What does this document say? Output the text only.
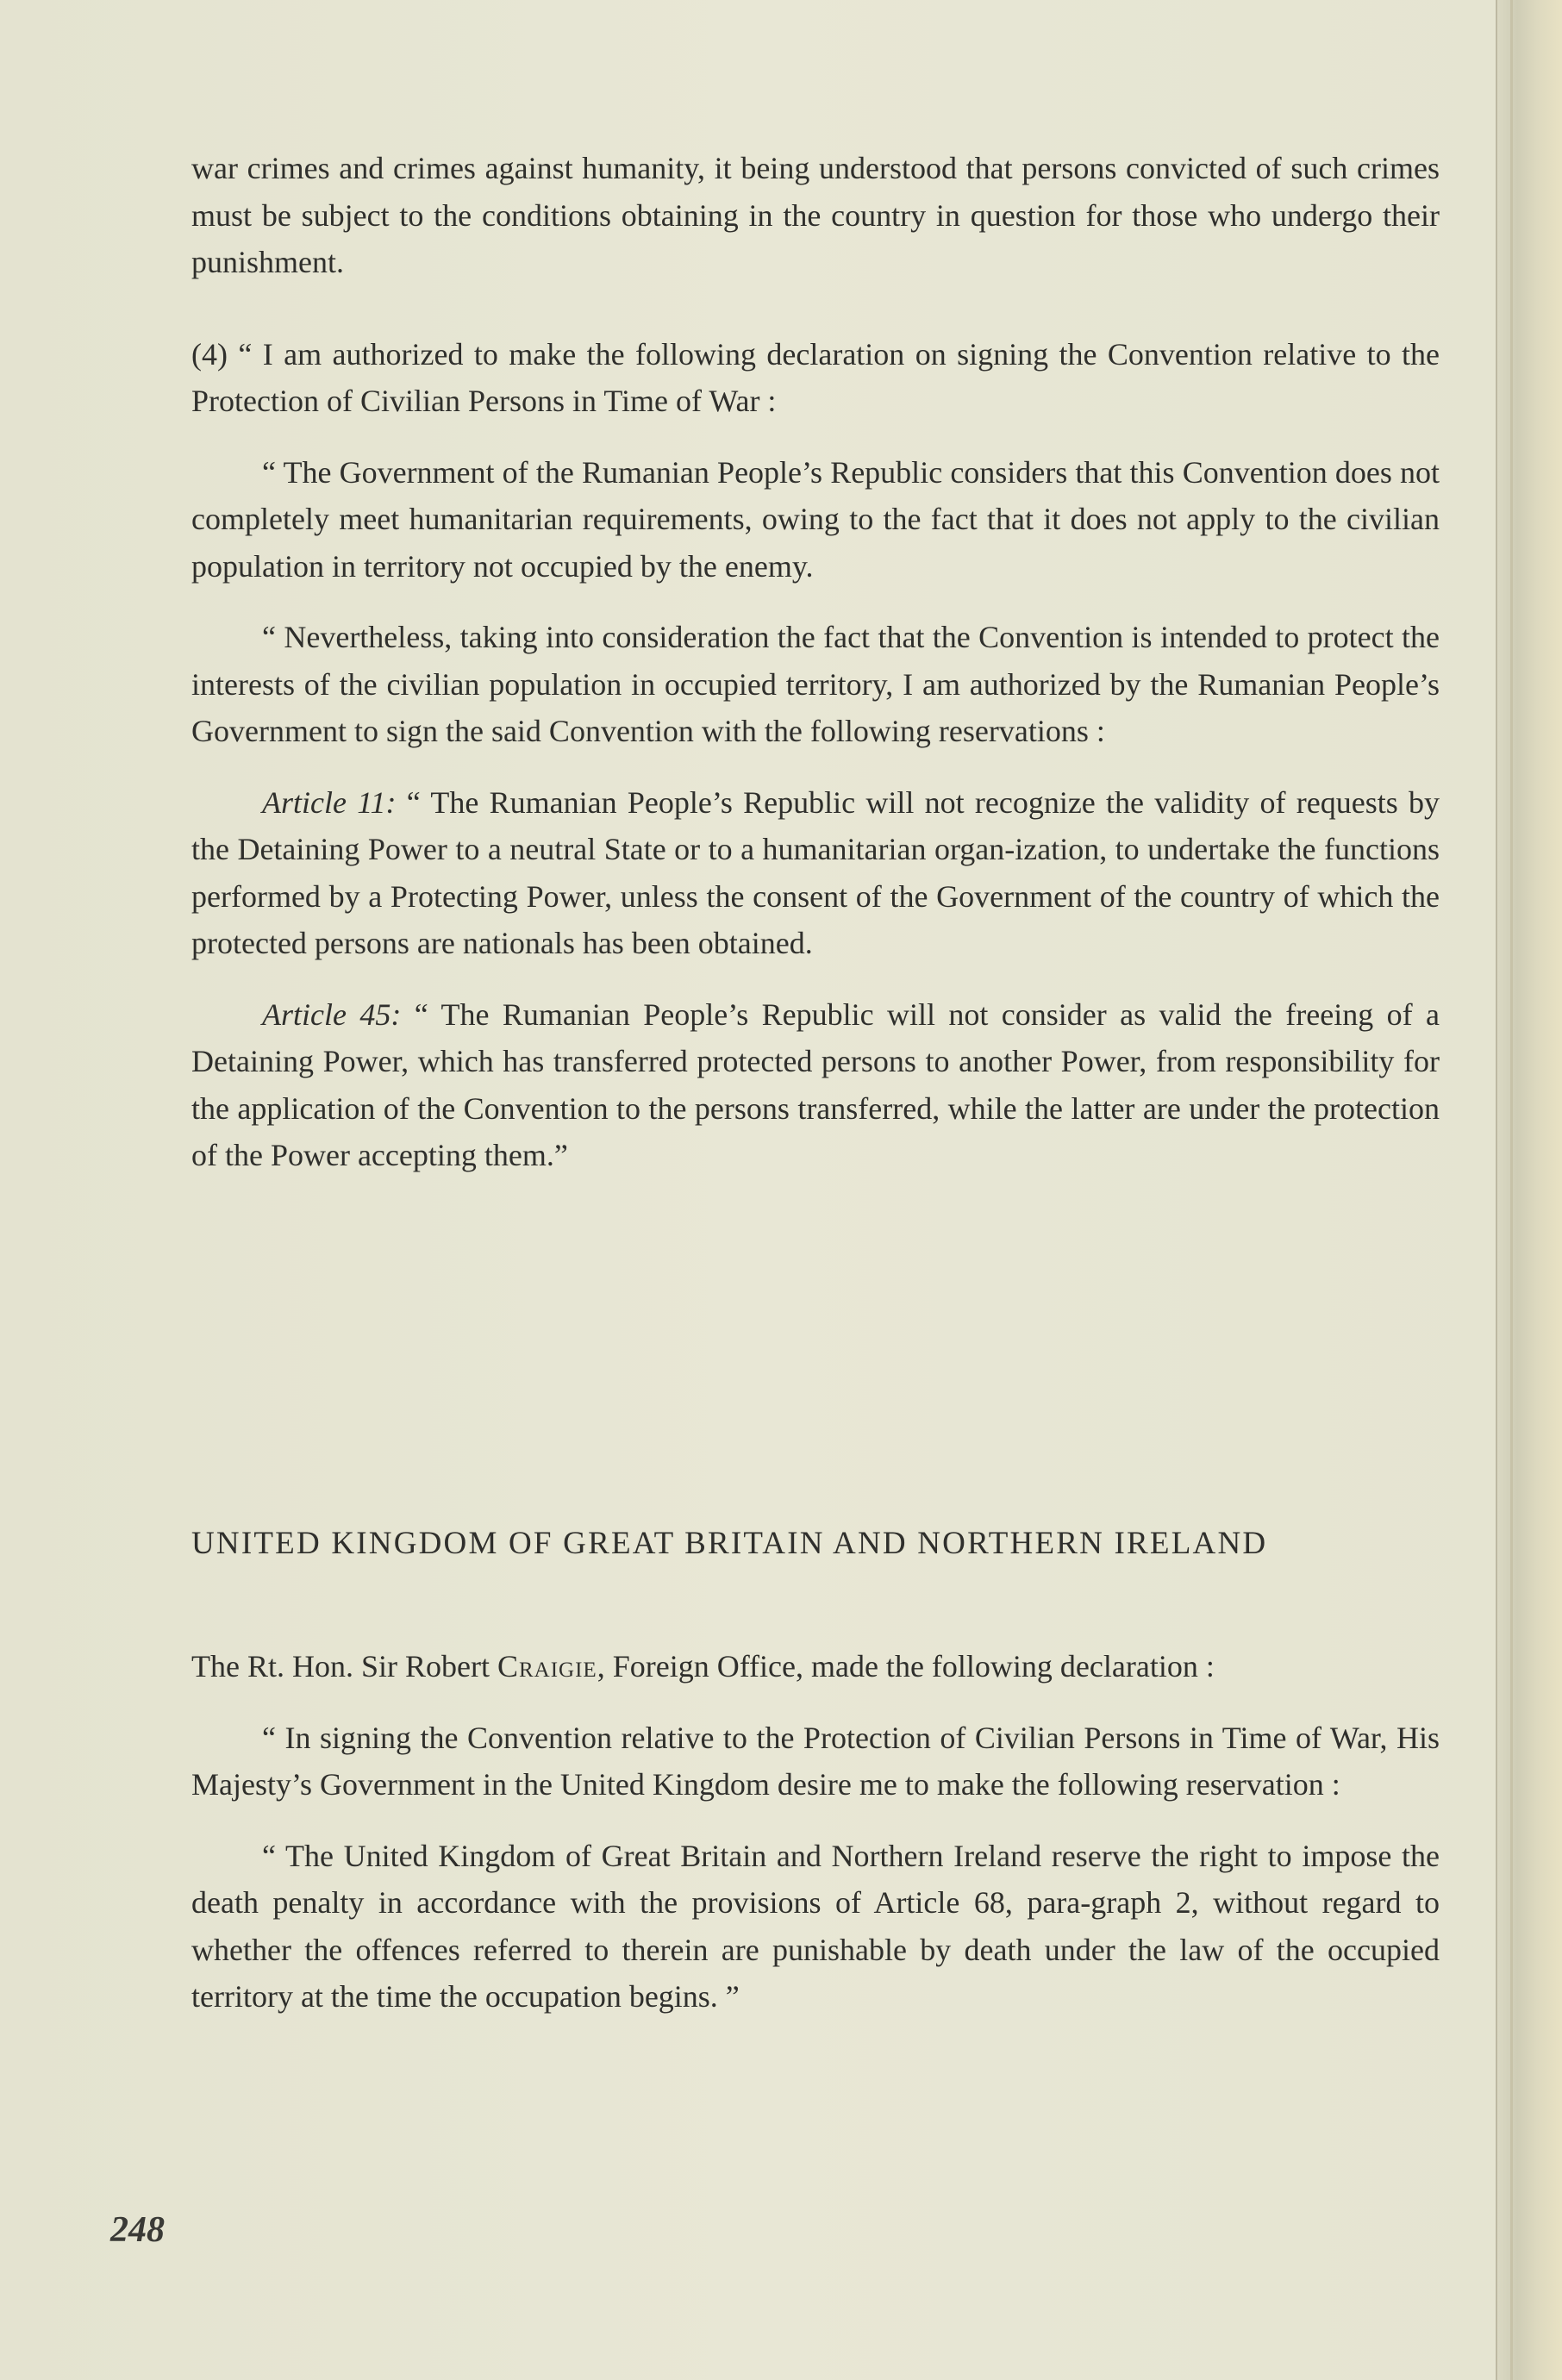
war crimes and crimes against humanity, it being understood that persons convicted of such crimes must be subject to the conditions obtaining in the country in question for those who undergo their punishment.

(4) “ I am authorized to make the following declaration on signing the Convention relative to the Protection of Civilian Persons in Time of War :

“ The Government of the Rumanian People’s Republic considers that this Convention does not completely meet humanitarian requirements, owing to the fact that it does not apply to the civilian population in territory not occupied by the enemy.

“ Nevertheless, taking into consideration the fact that the Convention is intended to protect the interests of the civilian population in occupied territory, I am authorized by the Rumanian People’s Government to sign the said Convention with the following reservations :

Article 11: “ The Rumanian People’s Republic will not recognize the validity of requests by the Detaining Power to a neutral State or to a humanitarian organ-ization, to undertake the functions performed by a Protecting Power, unless the consent of the Government of the country of which the protected persons are nationals has been obtained.

Article 45: “ The Rumanian People’s Republic will not consider as valid the freeing of a Detaining Power, which has transferred protected persons to another Power, from responsibility for the application of the Convention to the persons transferred, while the latter are under the protection of the Power accepting them.”

UNITED KINGDOM OF GREAT BRITAIN AND NORTHERN IRELAND

The Rt. Hon. Sir Robert Craigie, Foreign Office, made the following declaration :

“ In signing the Convention relative to the Protection of Civilian Persons in Time of War, His Majesty’s Government in the United Kingdom desire me to make the following reservation :

“ The United Kingdom of Great Britain and Northern Ireland reserve the right to impose the death penalty in accordance with the provisions of Article 68, para-graph 2, without regard to whether the offences referred to therein are punishable by death under the law of the occupied territory at the time the occupation begins. ”

248
